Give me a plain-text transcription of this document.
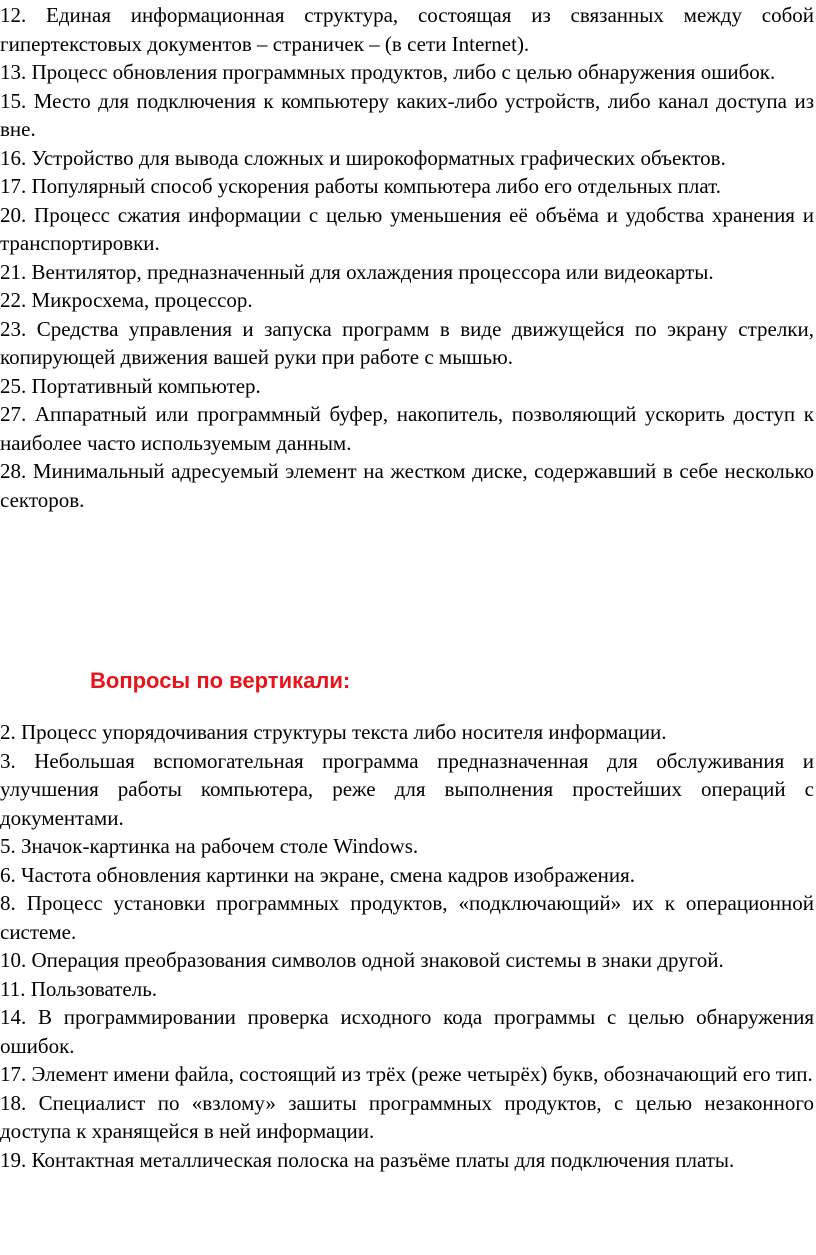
12. Единая информационная структура, состоящая из связанных между собой гипертекстовых документов – страничек – (в сети Internet).
13. Процесс обновления программных продуктов, либо с целью обнаружения ошибок.
15. Место для подключения к компьютеру каких-либо устройств, либо канал доступа из вне.
16. Устройство для вывода сложных и широкоформатных графических объектов.
17. Популярный способ ускорения работы компьютера либо его отдельных плат.
20. Процесс сжатия информации с целью уменьшения её объёма и удобства хранения и транспортировки.
21. Вентилятор, предназначенный для охлаждения процессора или видеокарты.
22. Микросхема, процессор.
23. Средства управления и запуска программ в виде движущейся по экрану стрелки, копирующей движения вашей руки при работе с мышью.
25. Портативный компьютер.
27. Аппаратный или программный буфер, накопитель, позволяющий ускорить доступ к наиболее часто используемым данным.
28. Минимальный адресуемый элемент на жестком диске, содержавший в себе несколько секторов.
Вопросы по вертикали:
2. Процесс упорядочивания структуры текста либо носителя информации.
3. Небольшая вспомогательная программа предназначенная для обслуживания и улучшения работы компьютера, реже для выполнения простейших операций с документами.
5. Значок-картинка на рабочем столе Windows.
6. Частота обновления картинки на экране, смена кадров изображения.
8. Процесс установки программных продуктов, «подключающий» их к операционной системе.
10. Операция преобразования символов одной знаковой системы в знаки другой.
11. Пользователь.
14. В программировании проверка исходного кода программы с целью обнаружения ошибок.
17. Элемент имени файла, состоящий из трёх (реже четырёх) букв, обозначающий его тип.
18. Специалист по «взлому» зашиты программных продуктов, с целью незаконного доступа к хранящейся в ней информации.
19. Контактная металлическая полоска на разъёме платы для подключения платы.
